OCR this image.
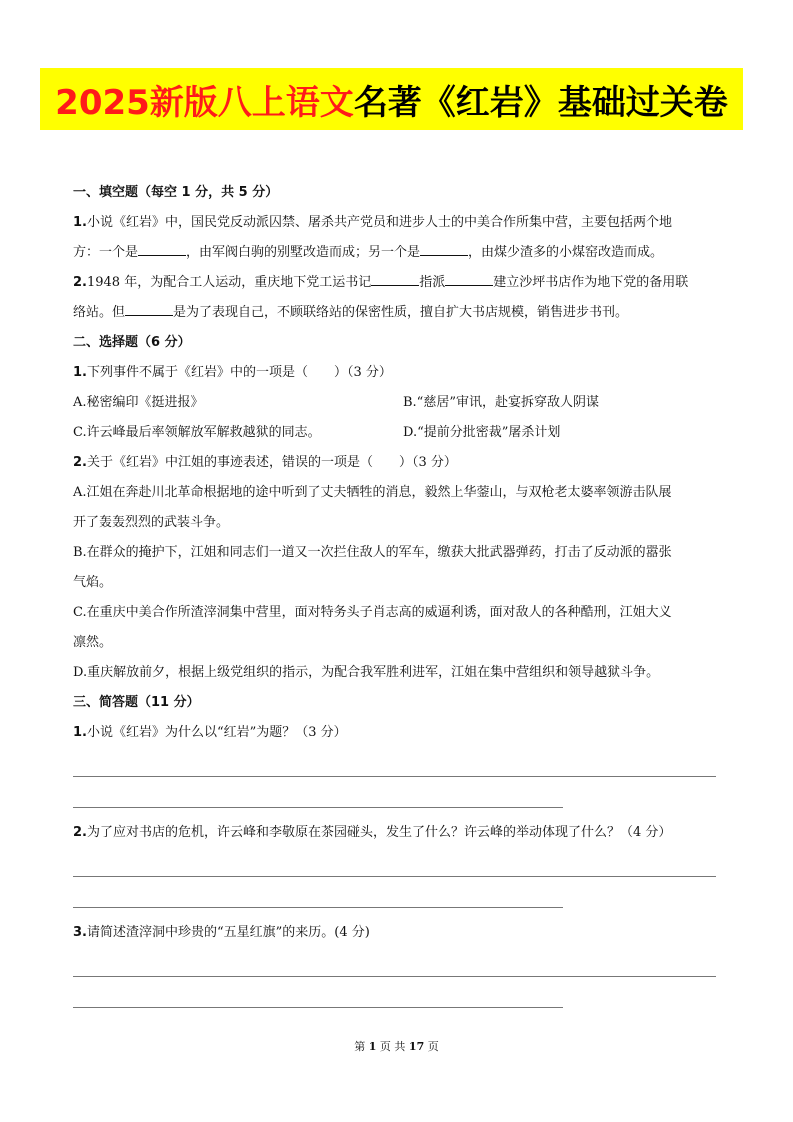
2025新版八上语文名著《红岩》基础过关卷

一、填空题（每空 1 分，共 5 分）

1.小说《红岩》中，国民党反动派囚禁、屠杀共产党员和进步人士的中美合作所集中营，主要包括两个地

方：一个是	，由军阀白驹的别墅改造而成；另一个是	，由煤少渣多的小煤窑改造而成。

2.1948 年，为配合工人运动，重庆地下党工运书记	指派	建立沙坪书店作为地下党的备用联

络站。但	是为了表现自己，不顾联络站的保密性质，擅自扩大书店规模，销售进步书刊。

二、选择题（6 分）

1.下列事件不属于《红岩》中的一项是（　　）（3 分）

A.秘密编印《挺进报》	B.“慈居”审讯，赴宴拆穿敌人阴谋
C.许云峰最后率领解放军解救越狱的同志。	D.“提前分批密裁”屠杀计划

2.关于《红岩》中江姐的事迹表述，错误的一项是（　　）（3 分）

A.江姐在奔赴川北革命根据地的途中听到了丈夫牺牲的消息，毅然上华蓥山，与双枪老太婆率领游击队展

开了轰轰烈烈的武装斗争。

B.在群众的掩护下，江姐和同志们一道又一次拦住敌人的军车，缴获大批武器弹药，打击了反动派的嚣张

气焰。

C.在重庆中美合作所渣滓洞集中营里，面对特务头子肖志高的威逼利诱，面对敌人的各种酷刑，江姐大义

凛然。

D.重庆解放前夕，根据上级党组织的指示，为配合我军胜利进军，江姐在集中营组织和领导越狱斗争。

三、简答题（11 分）

1.小说《红岩》为什么以“红岩”为题？（3 分）

2.为了应对书店的危机，许云峰和李敬原在茶园碰头，发生了什么？许云峰的举动体现了什么？（4 分）

3.请简述渣滓洞中珍贵的“五星红旗”的来历。(4 分)

第 1 页 共 17 页
